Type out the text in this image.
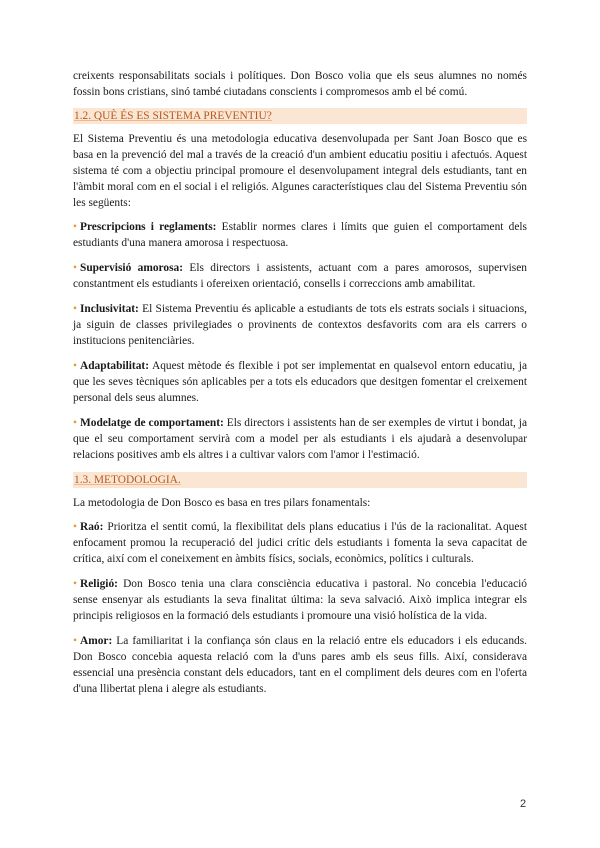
creixents responsabilitats socials i polítiques. Don Bosco volia que els seus alumnes no només fossin bons cristians, sinó també ciutadans conscients i compromesos amb el bé comú.

1.2. QUÈ ÉS ES SISTEMA PREVENTIU?

El Sistema Preventiu és una metodologia educativa desenvolupada per Sant Joan Bosco que es basa en la prevenció del mal a través de la creació d'un ambient educatiu positiu i afectuós. Aquest sistema té com a objectiu principal promoure el desenvolupament integral dels estudiants, tant en l'àmbit moral com en el social i el religiós. Algunes característiques clau del Sistema Preventiu són les següents:

• Prescripcions i reglaments: Establir normes clares i límits que guien el comportament dels estudiants d'una manera amorosa i respectuosa.

• Supervisió amorosa: Els directors i assistents, actuant com a pares amorosos, supervisen constantment els estudiants i ofereixen orientació, consells i correccions amb amabilitat.

• Inclusivitat: El Sistema Preventiu és aplicable a estudiants de tots els estrats socials i situacions, ja siguin de classes privilegiades o provinents de contextos desfavorits com ara els carrers o institucions penitenciàries.

• Adaptabilitat: Aquest mètode és flexible i pot ser implementat en qualsevol entorn educatiu, ja que les seves tècniques són aplicables per a tots els educadors que desitgen fomentar el creixement personal dels seus alumnes.

• Modelatge de comportament: Els directors i assistents han de ser exemples de virtut i bondat, ja que el seu comportament servirà com a model per als estudiants i els ajudarà a desenvolupar relacions positives amb els altres i a cultivar valors com l'amor i l'estimació.

1.3. METODOLOGIA.

La metodologia de Don Bosco es basa en tres pilars fonamentals:

• Raó: Prioritza el sentit comú, la flexibilitat dels plans educatius i l'ús de la racionalitat. Aquest enfocament promou la recuperació del judici crític dels estudiants i fomenta la seva capacitat de crítica, així com el coneixement en àmbits físics, socials, econòmics, polítics i culturals.

• Religió: Don Bosco tenia una clara consciència educativa i pastoral. No concebia l'educació sense ensenyar als estudiants la seva finalitat última: la seva salvació. Això implica integrar els principis religiosos en la formació dels estudiants i promoure una visió holística de la vida.

• Amor: La familiaritat i la confiança són claus en la relació entre els educadors i els educands. Don Bosco concebia aquesta relació com la d'uns pares amb els seus fills. Així, considerava essencial una presència constant dels educadors, tant en el compliment dels deures com en l'oferta d'una llibertat plena i alegre als estudiants.

2
